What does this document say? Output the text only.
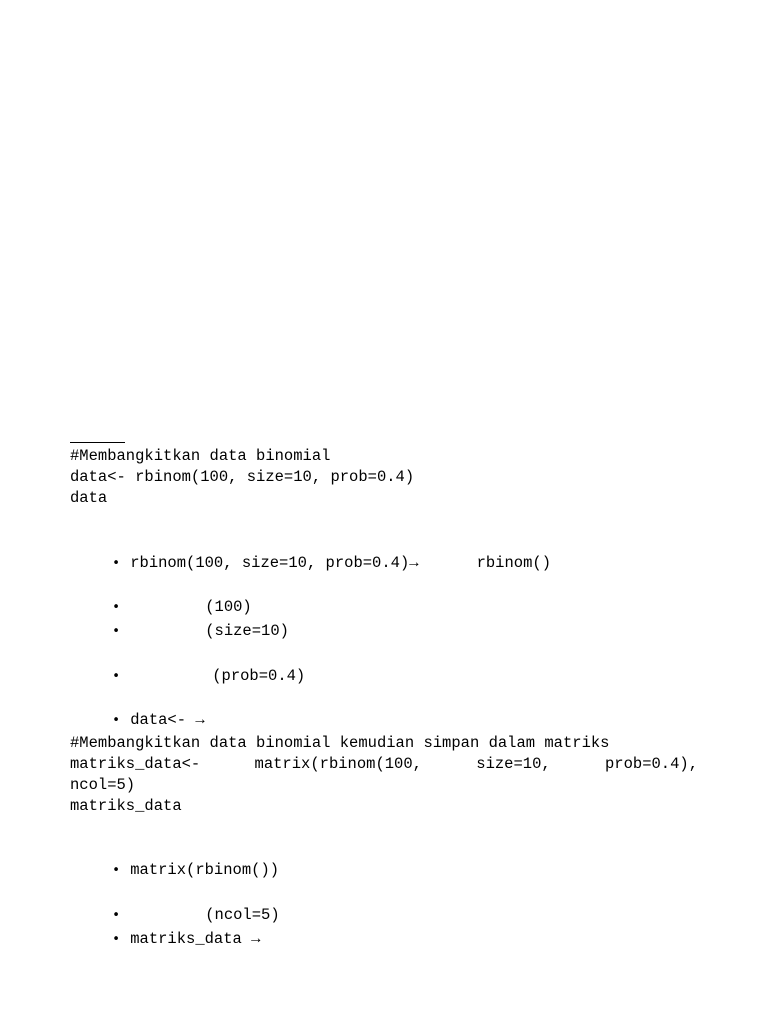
#Membangkitkan data binomial
data<- rbinom(100, size=10, prob=0.4)
data

• rbinom(100, size=10, prob=0.4)→	rbinom()

•	(100)

•	(size=10)

•	(prob=0.4)

• data<- →

#Membangkitkan data binomial kemudian simpan dalam matriks
matriks_data<-	matrix(rbinom(100,	size=10,	prob=0.4),
ncol=5)
matriks_data

• matrix(rbinom())

•	(ncol=5)

• matriks_data →
